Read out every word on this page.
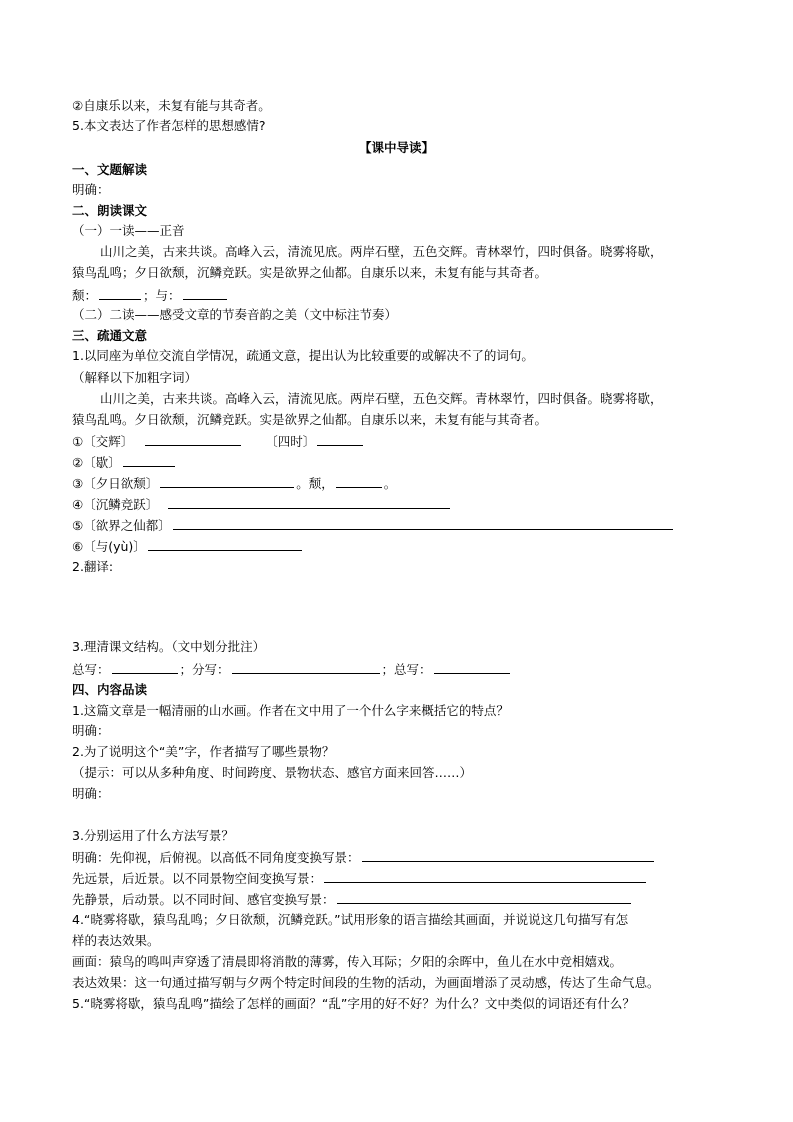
②自康乐以来，未复有能与其奇者。
5.本文表达了作者怎样的思想感情?
【课中导读】
一、文题解读
明确：
二、朗读课文
（一）一读——正音
山川之美，古来共谈。高峰入云，清流见底。两岸石壁，五色交辉。青林翠竹，四时俱备。晓雾将歇，
猿鸟乱鸣；夕日欲颓，沉鳞竞跃。实是欲界之仙都。自康乐以来，未复有能与其奇者。
颓：	；与：
（二）二读——感受文章的节奏音韵之美（文中标注节奏）
三、疏通文意
1.以同座为单位交流自学情况，疏通文意，提出认为比较重要的或解决不了的词句。
（解释以下加粗字词）
山川之美，古来共谈。高峰入云，清流见底。两岸石壁，五色交辉。青林翠竹，四时俱备。晓雾将歇，
猿鸟乱鸣。夕日欲颓，沉鳞竞跃。实是欲界之仙都。自康乐以来，未复有能与其奇者。
①〔交辉〕	〔四时〕
②〔歇〕
③〔夕日欲颓〕	。颓，	。
④〔沉鳞竞跃〕
⑤〔欲界之仙都〕
⑥〔与(yù)〕
2.翻译:
3.理清课文结构。（文中划分批注）
总写：	；分写：	；总写：
四、内容品读
1.这篇文章是一幅清丽的山水画。作者在文中用了一个什么字来概括它的特点？
明确：
2.为了说明这个“美”字，作者描写了哪些景物？
（提示：可以从多种角度、时间跨度、景物状态、感官方面来回答……）
明确：
3.分别运用了什么方法写景？
明确：先仰视，后俯视。以高低不同角度变换写景：
先远景，后近景。以不同景物空间变换写景：
先静景，后动景。以不同时间、感官变换写景：
4.“晓雾将歇，猿鸟乱鸣；夕日欲颓，沉鳞竞跃。”试用形象的语言描绘其画面，并说说这几句描写有怎
样的表达效果。
画面：猿鸟的鸣叫声穿透了清晨即将消散的薄雾，传入耳际；夕阳的余晖中，鱼儿在水中竞相嬉戏。
表达效果：这一句通过描写朝与夕两个特定时间段的生物的活动，为画面增添了灵动感，传达了生命气息。
5.“晓雾将歇，猿鸟乱鸣”描绘了怎样的画面？“乱”字用的好不好？为什么？文中类似的词语还有什么？
